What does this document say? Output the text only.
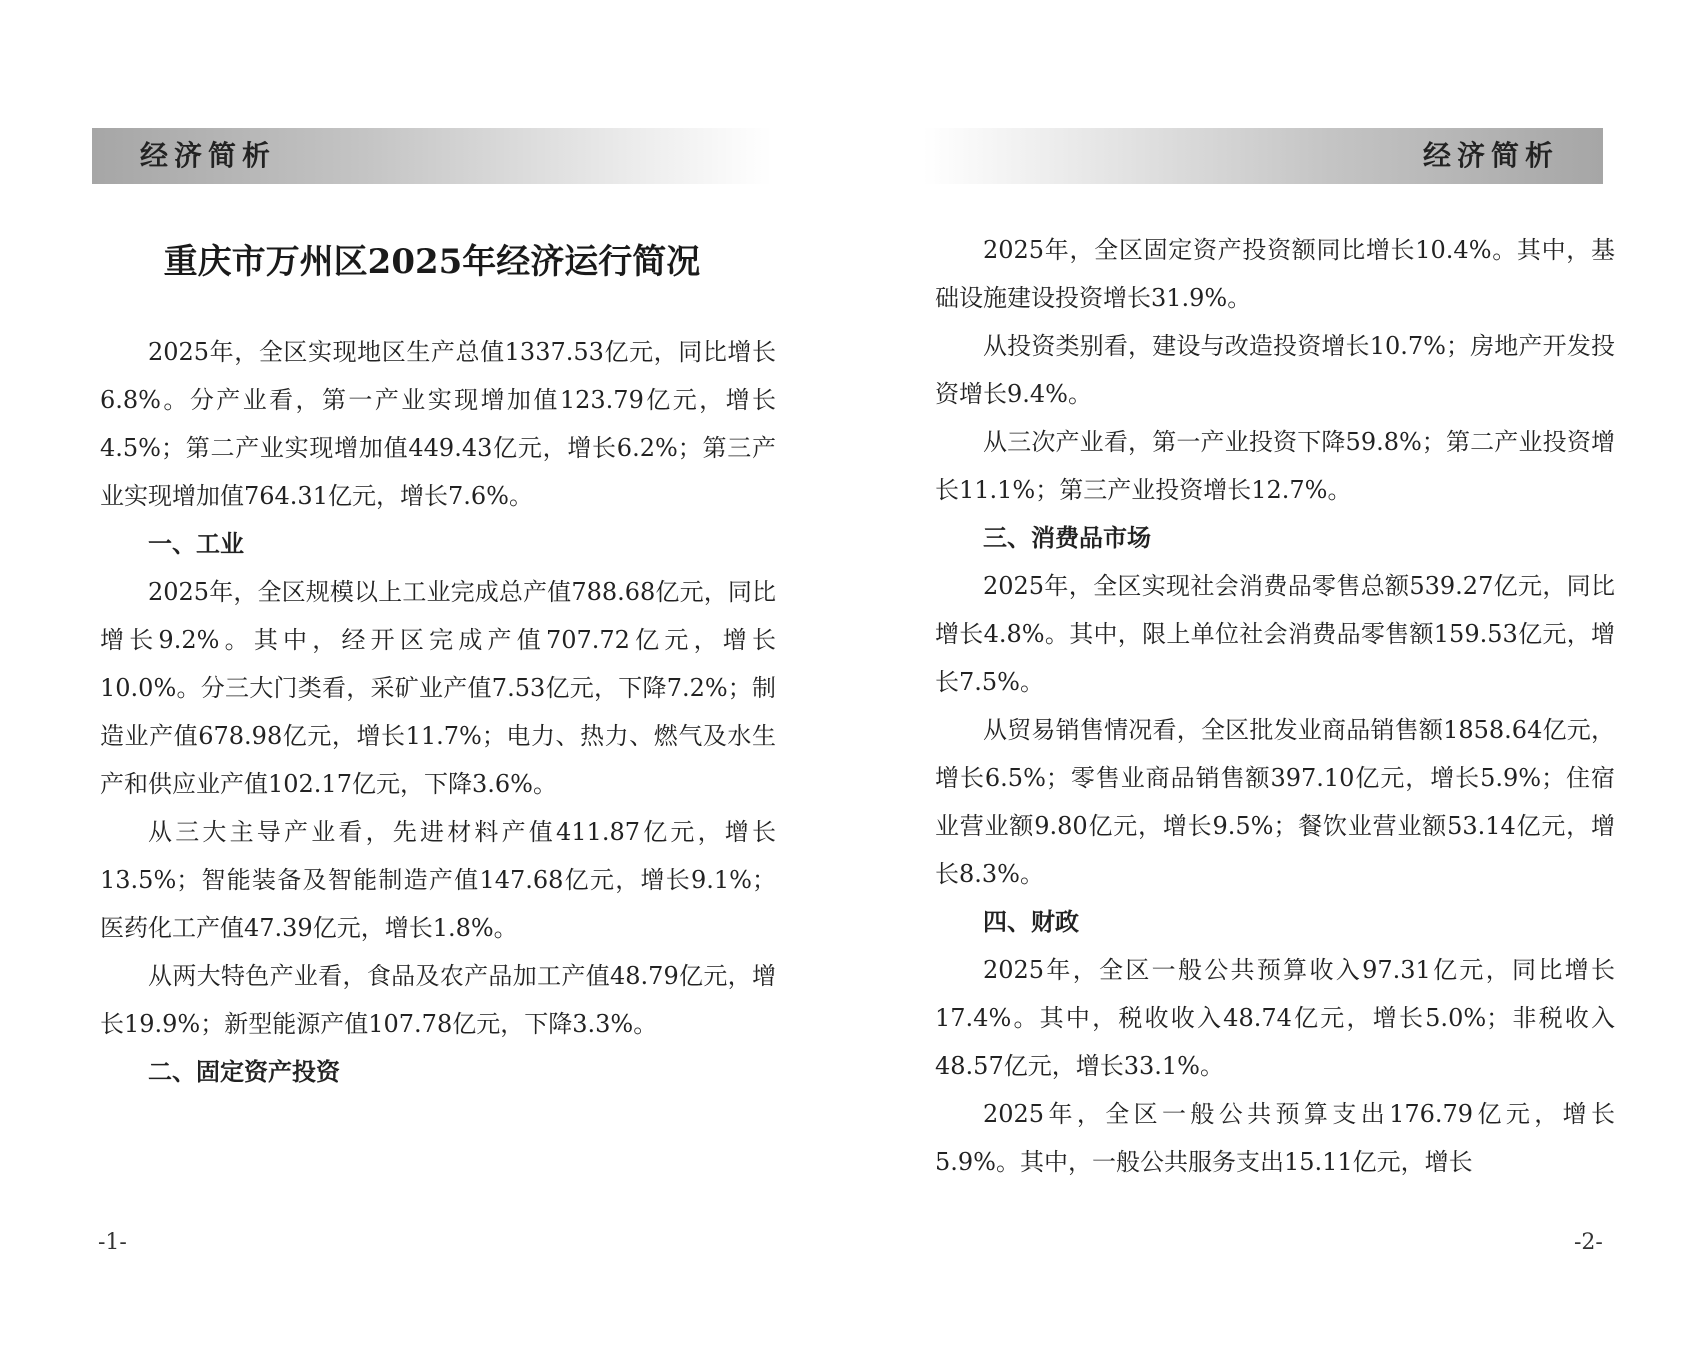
经济简析
重庆市万州区2025年经济运行简况

2025年，全区实现地区生产总值1337.53亿元，同比增长6.8%。分产业看，第一产业实现增加值123.79亿元，增长4.5%；第二产业实现增加值449.43亿元，增长6.2%；第三产业实现增加值764.31亿元，增长7.6%。

一、工业

2025年，全区规模以上工业完成总产值788.68亿元，同比增长9.2%。其中，经开区完成产值707.72亿元，增长10.0%。分三大门类看，采矿业产值7.53亿元，下降7.2%；制造业产值678.98亿元，增长11.7%；电力、热力、燃气及水生产和供应业产值102.17亿元，下降3.6%。

从三大主导产业看，先进材料产值411.87亿元，增长13.5%；智能装备及智能制造产值147.68亿元，增长9.1%；医药化工产值47.39亿元，增长1.8%。

从两大特色产业看，食品及农产品加工产值48.79亿元，增长19.9%；新型能源产值107.78亿元，下降3.3%。

二、固定资产投资
-1-
经济简析

2025年，全区固定资产投资额同比增长10.4%。其中，基础设施建设投资增长31.9%。

从投资类别看，建设与改造投资增长10.7%；房地产开发投资增长9.4%。

从三次产业看，第一产业投资下降59.8%；第二产业投资增长11.1%；第三产业投资增长12.7%。

三、消费品市场

2025年，全区实现社会消费品零售总额539.27亿元，同比增长4.8%。其中，限上单位社会消费品零售额159.53亿元，增长7.5%。

从贸易销售情况看，全区批发业商品销售额1858.64亿元，增长6.5%；零售业商品销售额397.10亿元，增长5.9%；住宿业营业额9.80亿元，增长9.5%；餐饮业营业额53.14亿元，增长8.3%。

四、财政

2025年，全区一般公共预算收入97.31亿元，同比增长17.4%。其中，税收收入48.74亿元，增长5.0%；非税收入48.57亿元，增长33.1%。

2025年，全区一般公共预算支出176.79亿元，增长5.9%。其中，一般公共服务支出15.11亿元，增长

-2-
